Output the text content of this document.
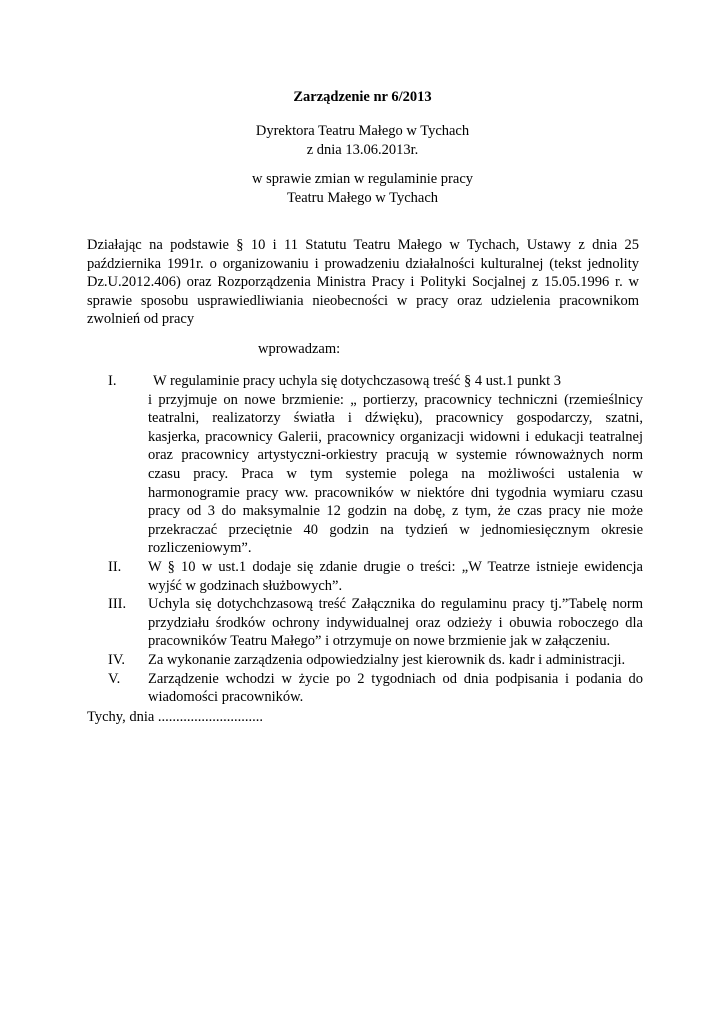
Zarządzenie nr 6/2013
Dyrektora Teatru Małego w Tychach
z dnia 13.06.2013r.
w sprawie zmian w regulaminie pracy
Teatru Małego w Tychach
Działając na podstawie § 10 i 11 Statutu Teatru Małego w Tychach, Ustawy z dnia 25
października 1991r. o organizowaniu i prowadzeniu działalności kulturalnej (tekst jednolity
Dz.U.2012.406) oraz Rozporządzenia Ministra Pracy i Polityki Socjalnej z 15.05.1996 r. w
sprawie sposobu usprawiedliwiania nieobecności w pracy oraz udzielenia pracownikom
zwolnień od pracy
wprowadzam:
I.	W regulaminie pracy uchyla się dotychczasową treść § 4 ust.1 punkt 3
i przyjmuje on nowe brzmienie: „ portierzy, pracownicy techniczni (rzemieślnicy
teatralni, realizatorzy światła i dźwięku), pracownicy gospodarczy, szatni,
kasjerka, pracownicy Galerii, pracownicy organizacji widowni i edukacji teatralnej
oraz pracownicy artystyczni-orkiestry pracują w systemie równoważnych norm
czasu pracy. Praca w tym systemie polega na możliwości ustalenia w
harmonogramie pracy ww. pracowników w niektóre dni tygodnia wymiaru czasu
pracy od 3 do maksymalnie 12 godzin na dobę, z tym, że czas pracy nie może
przekraczać przeciętnie 40 godzin na tydzień w jednomiesięcznym okresie
rozliczeniowym”.
II.	W § 10 w ust.1 dodaje się zdanie drugie o treści: „W Teatrze istnieje ewidencja
wyjść w godzinach służbowych”.
III.	Uchyla się dotychchzasową treść Załącznika do regulaminu pracy tj.”Tabelę norm
przydziału środków ochrony indywidualnej oraz odzieży i obuwia roboczego dla
pracowników Teatru Małego” i otrzymuje on nowe brzmienie jak w załączeniu.
IV.	Za wykonanie zarządzenia odpowiedzialny jest kierownik ds. kadr i administracji.
V.	Zarządzenie wchodzi w życie po 2 tygodniach od dnia podpisania i podania do
wiadomości pracowników.
Tychy, dnia .............................
